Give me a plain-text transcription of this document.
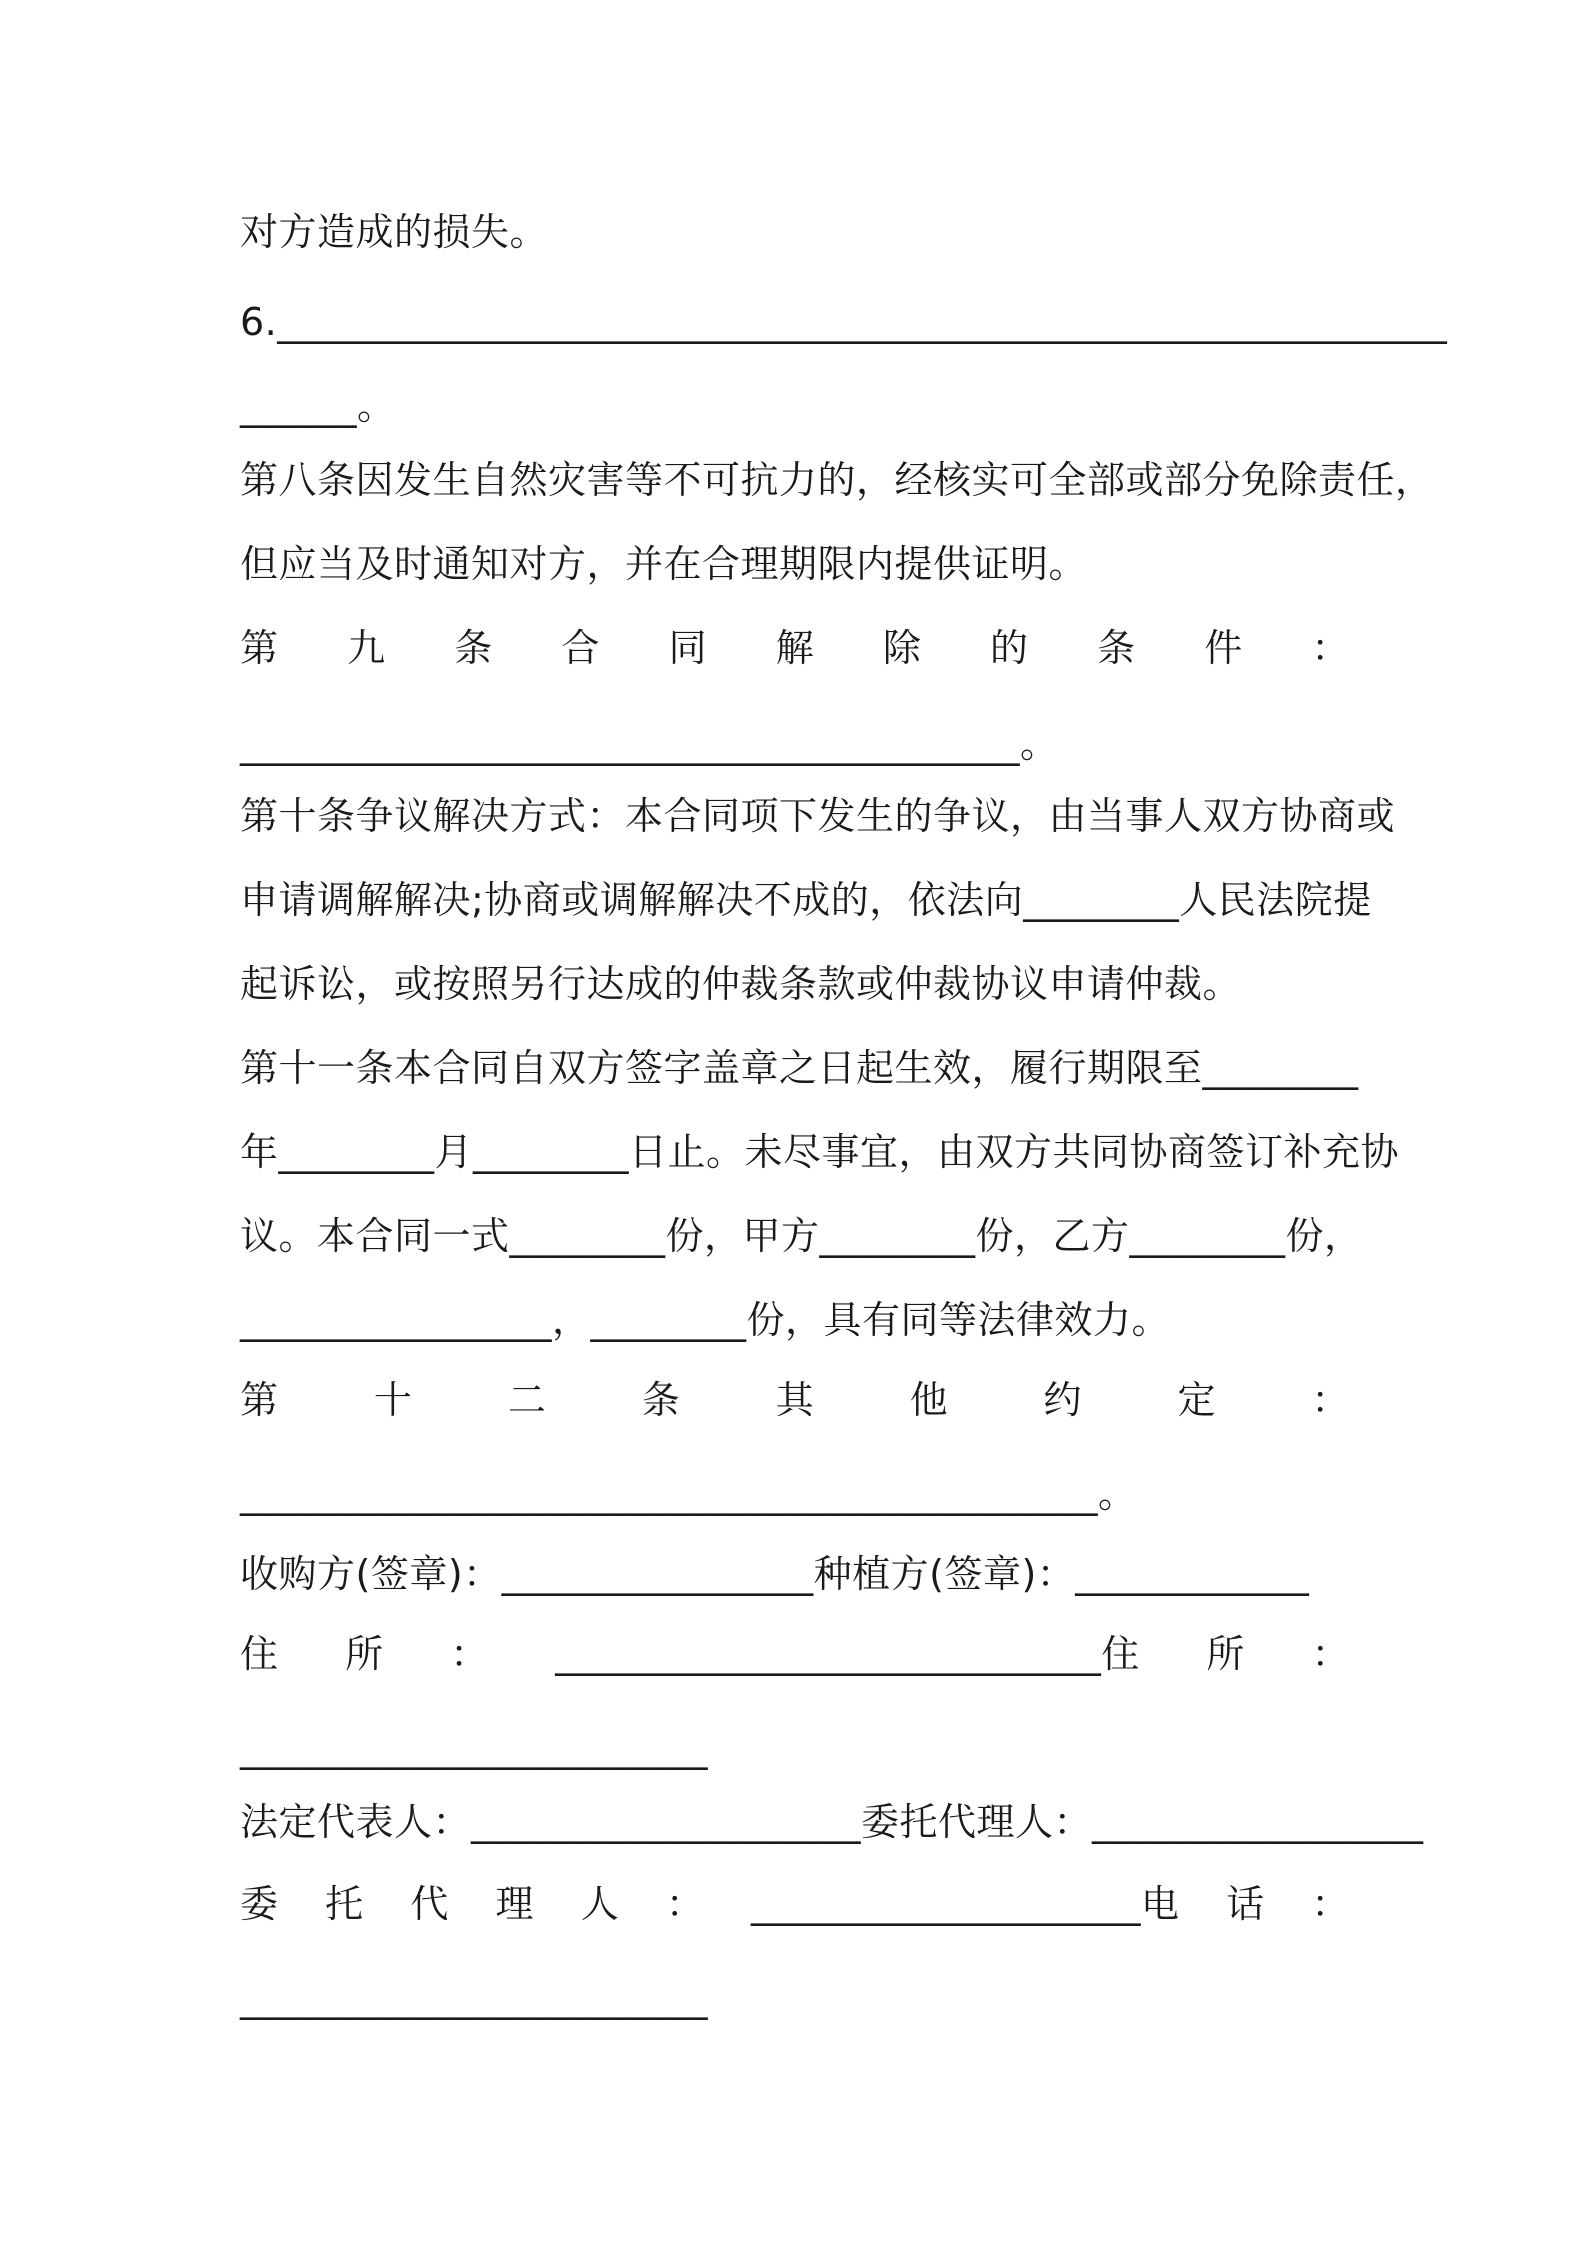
对方造成的损失。
6.____________________________________________________________
______。
第八条因发生自然灾害等不可抗力的，经核实可全部或部分免除责任，
但应当及时通知对方，并在合理期限内提供证明。
第 九 条 合 同 解 除 的 条 件 ：
________________________________________。
第十条争议解决方式：本合同项下发生的争议，由当事人双方协商或
申请调解解决;协商或调解解决不成的，依法向________人民法院提
起诉讼，或按照另行达成的仲裁条款或仲裁协议申请仲裁。
第十一条本合同自双方签字盖章之日起生效，履行期限至________
年________月________日止。未尽事宜，由双方共同协商签订补充协
议。本合同一式________份，甲方________份，乙方________份，
________________，________份，具有同等法律效力。
第	十	二	条	其	他	约	定	：
____________________________________________。
收购方(签章)：________________种植方(签章)：____________
住 所 ： ____________________________住 所 ：
________________________
法定代表人：____________________委托代理人：_________________
委 托 代 理 人 ： ____________________电 话 ：
________________________
